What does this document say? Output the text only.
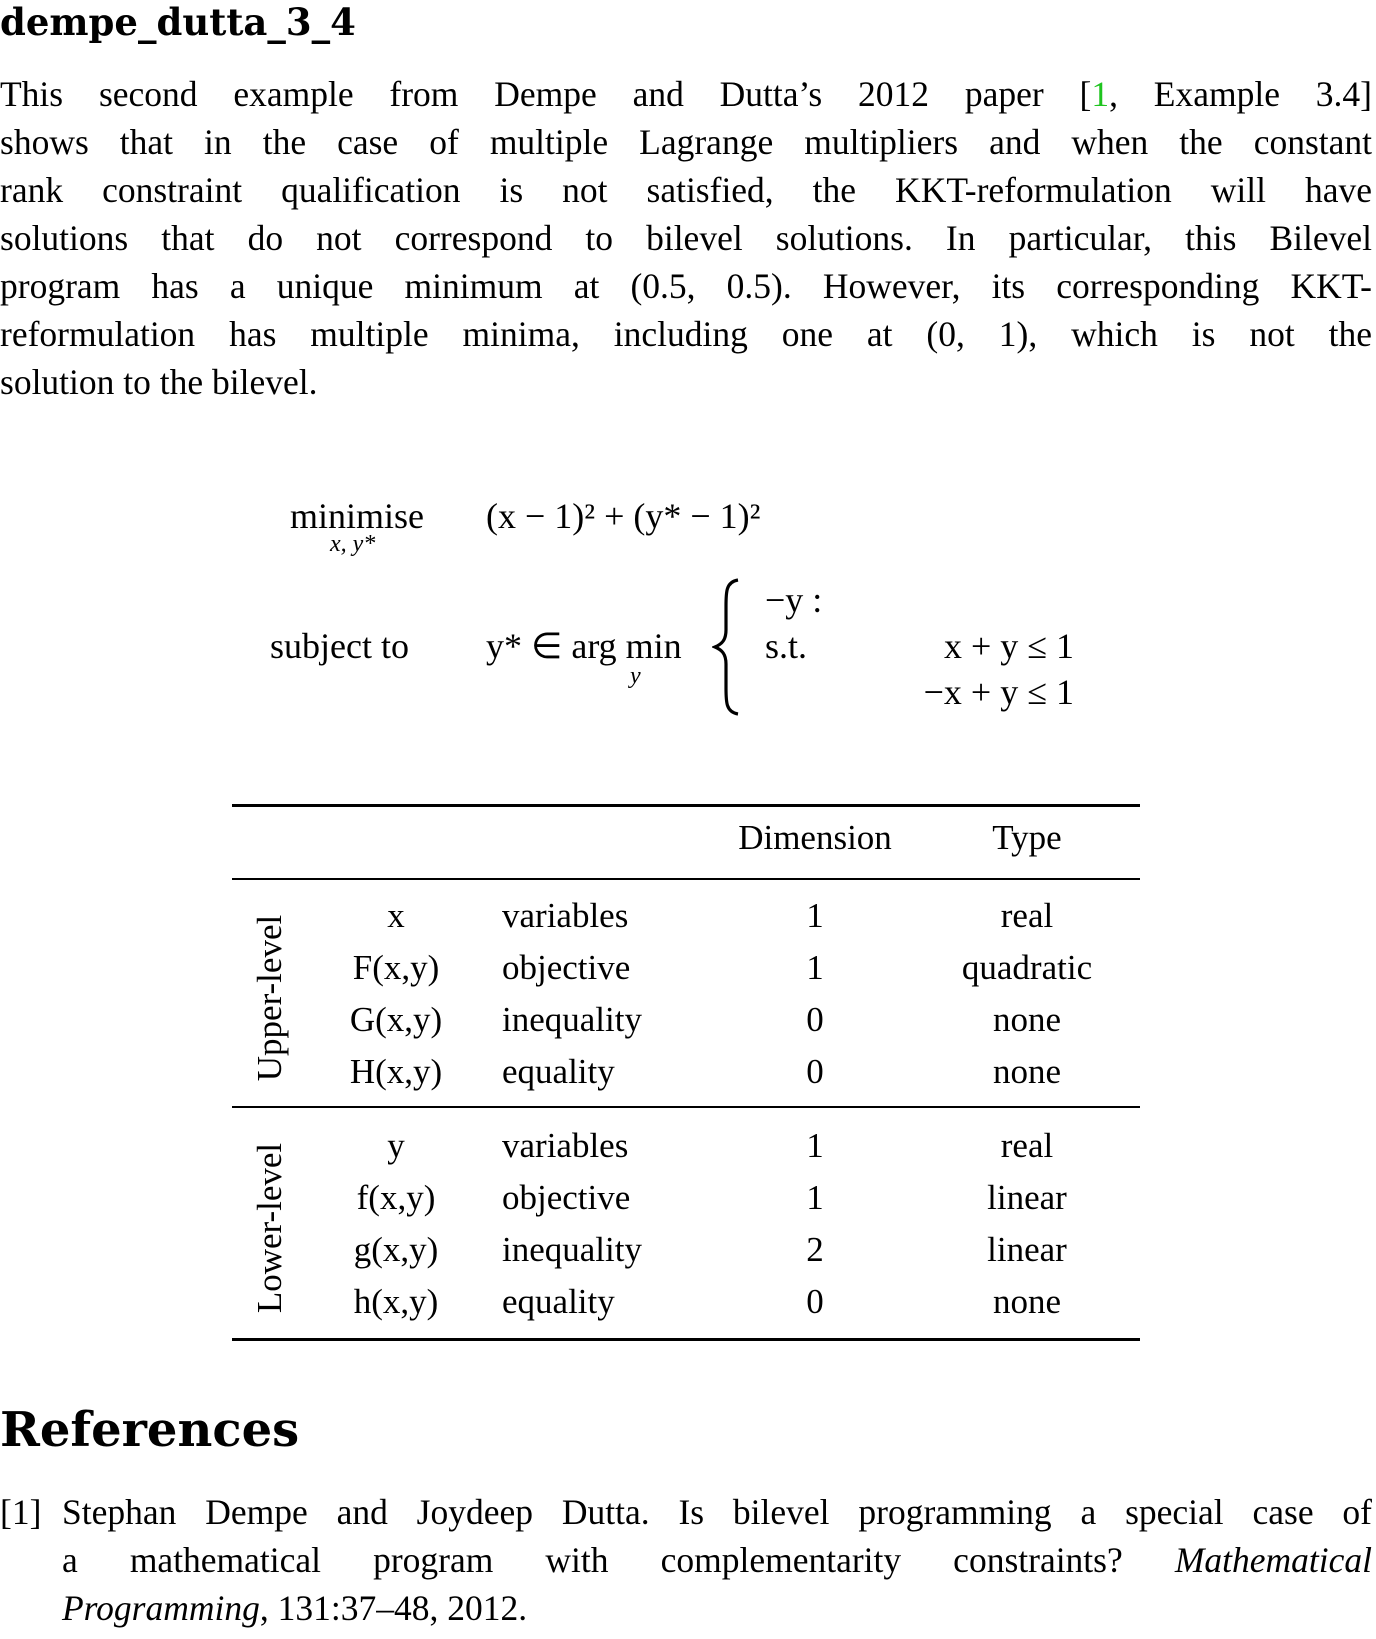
dempe_dutta_3_4
This second example from Dempe and Dutta’s 2012 paper [1, Example 3.4]
shows that in the case of multiple Lagrange multipliers and when the constant
rank constraint qualification is not satisfied, the KKT-reformulation will have
solutions that do not correspond to bilevel solutions. In particular, this Bilevel
program has a unique minimum at (0.5, 0.5). However, its corresponding KKT-
reformulation has multiple minima, including one at (0, 1), which is not the
solution to the bilevel.
minimise
x, y*
(x − 1)² + (y* − 1)²
subject to y* ∈ arg min
y
−y :
s.t.	x + y ≤ 1
−x + y ≤ 1
Dimension	Type
Upper-level	x	variables	1	real
F(x,y)	objective	1	quadratic
G(x,y)	inequality	0	none
H(x,y)	equality	0	none
Lower-level	y	variables	1	real
f(x,y)	objective	1	linear
g(x,y)	inequality	2	linear
h(x,y)	equality	0	none
References
[1] Stephan Dempe and Joydeep Dutta. Is bilevel programming a special case of
a mathematical program with complementarity constraints? Mathematical
Programming, 131:37–48, 2012.
